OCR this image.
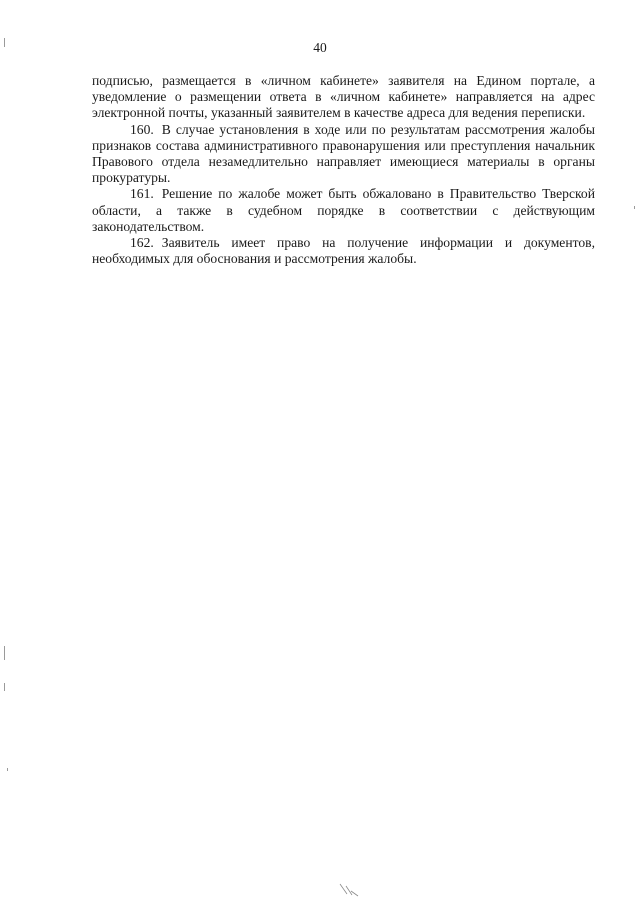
40

подписью, размещается в «личном кабинете» заявителя на Едином портале, а уведомление о размещении ответа в «личном кабинете» направляется на адрес электронной почты, указанный заявителем в качестве адреса для ведения переписки.

160. В случае установления в ходе или по результатам рассмотрения жалобы признаков состава административного правонарушения или преступления начальник Правового отдела незамедлительно направляет имеющиеся материалы в органы прокуратуры.

161. Решение по жалобе может быть обжаловано в Правительство Тверской области, а также в судебном порядке в соответствии с действующим законодательством.

162. Заявитель имеет право на получение информации и документов, необходимых для обоснования и рассмотрения жалобы.
